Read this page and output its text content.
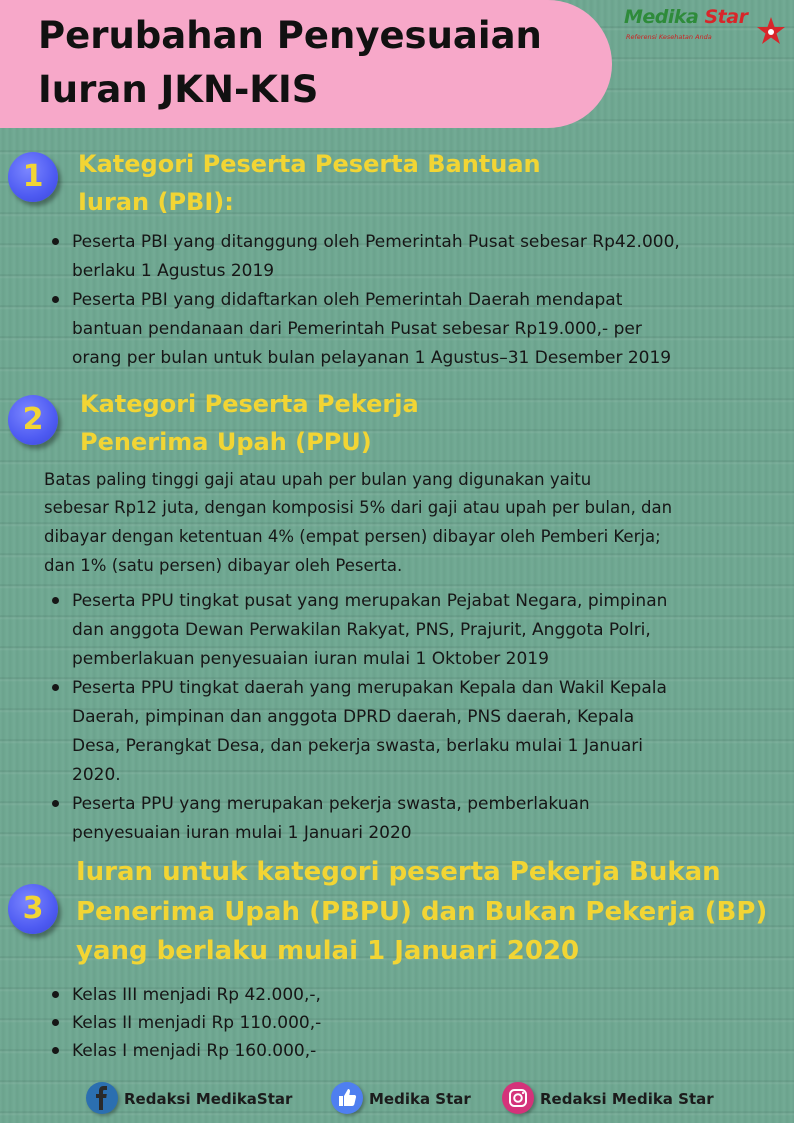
Perubahan Penyesuaian
Iuran JKN-KIS
Medika Star
Referensi Kesehatan Anda
1	Kategori Peserta Peserta Bantuan
Iuran (PBI):
Peserta PBI yang ditanggung oleh Pemerintah Pusat sebesar Rp42.000,
berlaku 1 Agustus 2019
Peserta PBI yang didaftarkan oleh Pemerintah Daerah mendapat
bantuan pendanaan dari Pemerintah Pusat sebesar Rp19.000,- per
orang per bulan untuk bulan pelayanan 1 Agustus–31 Desember 2019
2	Kategori Peserta Pekerja
Penerima Upah (PPU)
Batas paling tinggi gaji atau upah per bulan yang digunakan yaitu
sebesar Rp12 juta, dengan komposisi 5% dari gaji atau upah per bulan, dan
dibayar dengan ketentuan 4% (empat persen) dibayar oleh Pemberi Kerja;
dan 1% (satu persen) dibayar oleh Peserta.
Peserta PPU tingkat pusat yang merupakan Pejabat Negara, pimpinan
dan anggota Dewan Perwakilan Rakyat, PNS, Prajurit, Anggota Polri,
pemberlakuan penyesuaian iuran mulai 1 Oktober 2019
Peserta PPU tingkat daerah yang merupakan Kepala dan Wakil Kepala
Daerah, pimpinan dan anggota DPRD daerah, PNS daerah, Kepala
Desa, Perangkat Desa, dan pekerja swasta, berlaku mulai 1 Januari
2020.
Peserta PPU yang merupakan pekerja swasta, pemberlakuan
penyesuaian iuran mulai 1 Januari 2020
3
Iuran untuk kategori peserta Pekerja Bukan
Penerima Upah (PBPU) dan Bukan Pekerja (BP)
yang berlaku mulai 1 Januari 2020
Kelas III menjadi Rp 42.000,-,
Kelas II menjadi Rp 110.000,-
Kelas I menjadi Rp 160.000,-
Redaksi MedikaStar	Medika Star	Redaksi Medika Star
